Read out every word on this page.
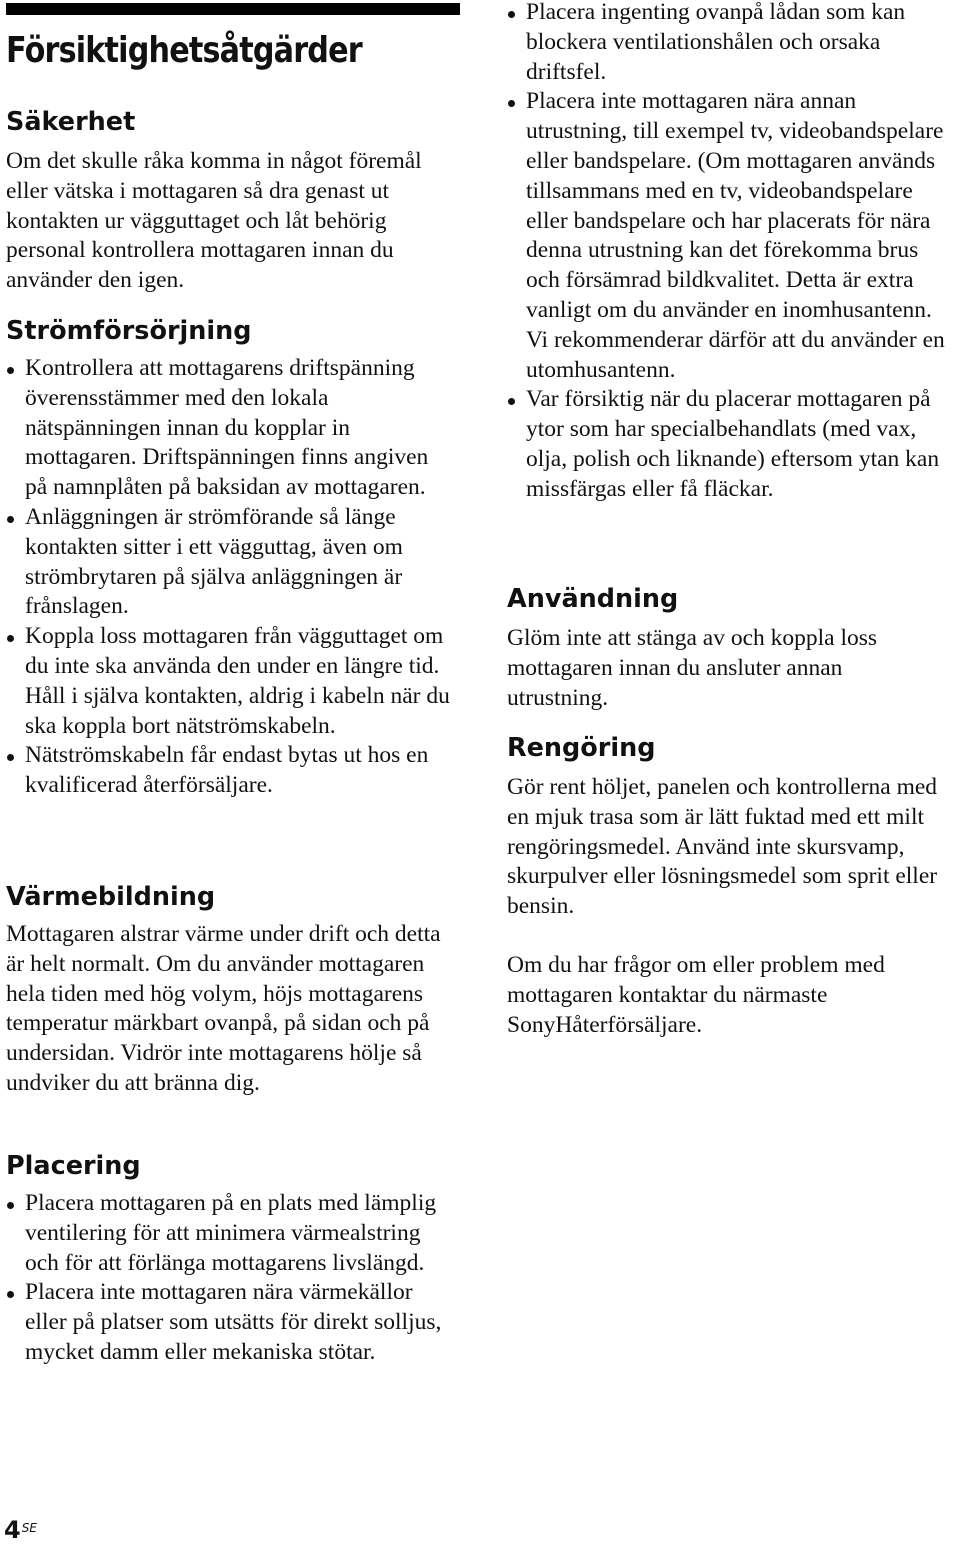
Försiktighetsåtgärder
Säkerhet

Om det skulle råka komma in något föremål eller vätska i mottagaren så dra genast ut kontakten ur vägguttaget och låt behörig personal kontrollera mottagaren innan du använder den igen.

Strömförsörjning
Kontrollera att mottagarens driftspänning överensstämmer med den lokala nätspänningen innan du kopplar in mottagaren. Driftspänningen finns angiven på namnplåten på baksidan av mottagaren.
Anläggningen är strömförande så länge kontakten sitter i ett vägguttag, även om strömbrytaren på själva anläggningen är frånslagen.
Koppla loss mottagaren från vägguttaget om du inte ska använda den under en längre tid. Håll i själva kontakten, aldrig i kabeln när du ska koppla bort nätströmskabeln.
Nätströmskabeln får endast bytas ut hos en kvalificerad återförsäljare.
Värmebildning

Mottagaren alstrar värme under drift och detta är helt normalt. Om du använder mottagaren hela tiden med hög volym, höjs mottagarens temperatur märkbart ovanpå, på sidan och på undersidan. Vidrör inte mottagarens hölje så undviker du att bränna dig.

Placering
Placera mottagaren på en plats med lämplig ventilering för att minimera värmealstring och för att förlänga mottagarens livslängd.
Placera inte mottagaren nära värmekällor eller på platser som utsätts för direkt solljus, mycket damm eller mekaniska stötar.
Placera ingenting ovanpå lådan som kan blockera ventilationshålen och orsaka driftsfel.
Placera inte mottagaren nära annan utrustning, till exempel tv, videobandspelare eller bandspelare. (Om mottagaren används tillsammans med en tv, videobandspelare eller bandspelare och har placerats för nära denna utrustning kan det förekomma brus och försämrad bildkvalitet. Detta är extra vanligt om du använder en inomhusantenn. Vi rekommenderar därför att du använder en utomhusantenn.
Var försiktig när du placerar mottagaren på ytor som har specialbehandlats (med vax, olja, polish och liknande) eftersom ytan kan missfärgas eller få fläckar.
Användning

Glöm inte att stänga av och koppla loss mottagaren innan du ansluter annan utrustning.

Rengöring

Gör rent höljet, panelen och kontrollerna med en mjuk trasa som är lätt fuktad med ett milt rengöringsmedel. Använd inte skursvamp, skurpulver eller lösningsmedel som sprit eller bensin.

Om du har frågor om eller problem med mottagaren kontaktar du närmaste SonyHåterförsäljare.

$4^{SE}$
